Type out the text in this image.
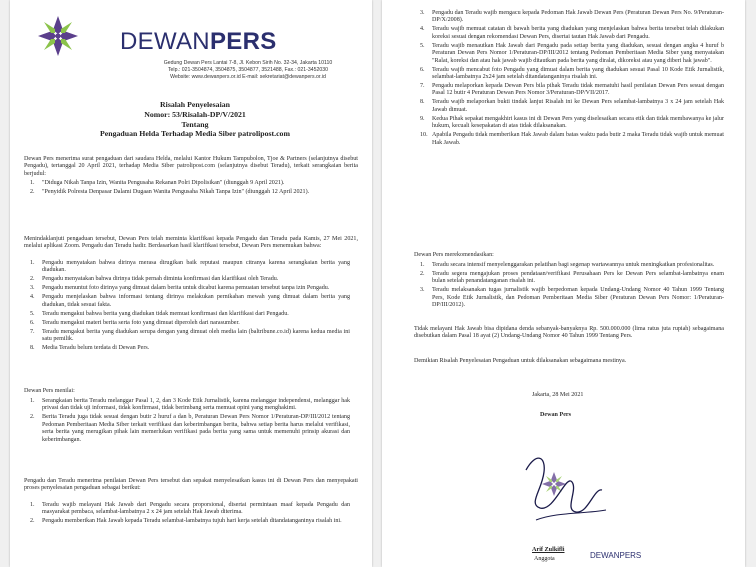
DEWANPERS
Gedung Dewan Pers Lantai 7-8, Jl. Kebon Sirih No. 32-34, Jakarta 10110
Telp.: 021-3504874, 3504875, 3504877, 3521488, Fax.: 021-3452030
Website: www.dewanpers.or.id E-mail: sekretariat@dewanpers.or.id
Risalah Penyelesaian
Nomor: 53/Risalah-DP/V/2021
Tentang
Pengaduan Helda Terhadap Media Siber patrolipost.com
Dewan Pers menerima surat pengaduan dari saudara Helda, melalui Kantor Hukum Tampubolon, Tjoe & Partners (selanjutnya disebut Pengadu), tertanggal 20 April 2021, terhadap Media Siber patrolipost.com (selanjutnya disebut Teradu), terkait serangkaian berita berjudul:
1. "Diduga Nikah Tanpa Izin, Wanita Pengusaha Rekanan Polri Dipolisikan" (diunggah 9 April 2021).
2. "Penyidik Polresta Denpasar Dalami Dugaan Wanita Pengusaha Nikah Tanpa Izin" (diunggah 12 April 2021).
Menindaklanjuti pengaduan tersebut, Dewan Pers telah meminta klarifikasi kepada Pengadu dan Teradu pada Kamis, 27 Mei 2021, melalui aplikasi Zoom. Pengadu dan Teradu hadir. Berdasarkan hasil klarifikasi tersebut, Dewan Pers menemukan bahwa:
1. Pengadu menyatakan bahwa dirinya merasa dirugikan baik reputasi maupun citranya karena serangkaian berita yang diadukan.
2. Pengadu menyatakan bahwa dirinya tidak pernah diminta konfirmasi dan klarifikasi oleh Teradu.
3. Pengadu menuntut foto dirinya yang dimuat dalam berita untuk dicabut karena pemuatan tersebut tanpa izin Pengadu.
4. Pengadu menjelaskan bahwa informasi tentang dirinya melakukan pernikahan mewah yang dimuat dalam berita yang diadukan, tidak sesuai fakta.
5. Teradu mengakui bahwa berita yang diadukan tidak memuat konfirmasi dan klarifikasi dari Pengadu.
6. Teradu mengakui materi berita serta foto yang dimuat diperoleh dari narasumber.
7. Teradu mengakui berita yang diadukan serupa dengan yang dimuat oleh media lain (baltribune.co.id) karena kedua media ini satu pemilik.
8. Media Teradu belum terdata di Dewan Pers.
Dewan Pers menilai:
1. Serangkaian berita Teradu melanggar Pasal 1, 2, dan 3 Kode Etik Jurnalistik, karena melanggar independensi, melanggar hak privasi dan tidak uji informasi, tidak konfirmasi, tidak berimbang serta memuat opini yang menghakimi.
2. Berita Teradu juga tidak sesuai dengan butir 2 huruf a dan b, Peraturan Dewan Pers Nomor 1/Peraturan-DP/III/2012 tentang Pedoman Pemberitaan Media Siber terkait verifikasi dan keberimbangan berita, bahwa setiap berita harus melalui verifikasi, serta berita yang merugikan pihak lain memerlukan verifikasi pada berita yang sama untuk memenuhi prinsip akurasi dan keberimbangan.
Pengadu dan Teradu menerima penilaian Dewan Pers tersebut dan sepakat menyelesaikan kasus ini di Dewan Pers dan menyepakati proses penyelesaian pengaduan sebagai berikut:
1. Teradu wajib melayani Hak Jawab dari Pengadu secara proporsional, disertai permintaan maaf kepada Pengadu dan masyarakat pembaca, selambat-lambatnya 2 x 24 jam setelah Hak Jawab diterima.
2. Pengadu memberikan Hak Jawab kepada Teradu selambat-lambatnya tujuh hari kerja setelah ditandatanganinya risalah ini.
3. Pengadu dan Teradu wajib mengacu kepada Pedoman Hak Jawab Dewan Pers (Peraturan Dewan Pers No. 9/Peraturan-DP/X/2008).
4. Teradu wajib memuat catatan di bawah berita yang diadukan yang menjelaskan bahwa berita tersebut telah dilakukan koreksi sesuai dengan rekomendasi Dewan Pers, disertai tautan Hak Jawab dari Pengadu.
5. Teradu wajib menautkan Hak Jawab dari Pengadu pada setiap berita yang diadukan, sesuai dengan angka 4 huruf b Peraturan Dewan Pers Nomor 1/Peraturan-DP/III/2012 tentang Pedoman Pemberitaan Media Siber yang menyatakan "Ralat, koreksi dan atau hak jawab wajib ditautkan pada berita yang diralat, dikoreksi atau yang diberi hak jawab".
6. Teradu wajib mencabut foto Pengadu yang dimuat dalam berita yang diadukan sesuai Pasal 10 Kode Etik Jurnalistik, selambat-lambatnya 2x24 jam setelah ditandatanganinya risalah ini.
7. Pengadu melaporkan kepada Dewan Pers bila pihak Teradu tidak mematuhi hasil penilaian Dewan Pers sesuai dengan Pasal 12 butir 4 Peraturan Dewan Pers Nomor 3/Peraturan-DP/VII/2017.
8. Teradu wajib melaporkan bukti tindak lanjut Risalah ini ke Dewan Pers selambat-lambatnya 3 x 24 jam setelah Hak Jawab dimuat.
9. Kedua Pihak sepakat mengakhiri kasus ini di Dewan Pers yang diselesaikan secara etik dan tidak membawanya ke jalur hukum, kecuali kesepakatan di atas tidak dilaksanakan.
10. Apabila Pengadu tidak memberikan Hak Jawab dalam batas waktu pada butir 2 maka Teradu tidak wajib untuk memuat Hak Jawab.
Dewan Pers merekomendasikan:
1. Teradu secara intensif menyelenggarakan pelatihan bagi segenap wartawannya untuk meningkatkan profesionalitas.
2. Teradu segera mengajukan proses pendataan/verifikasi Perusahaan Pers ke Dewan Pers selambat-lambatnya enam bulan setelah penandatanganan risalah ini.
3. Teradu melaksanakan tugas jurnalistik wajib berpedoman kepada Undang-Undang Nomor 40 Tahun 1999 Tentang Pers, Kode Etik Jurnalistik, dan Pedoman Pemberitaan Media Siber (Peraturan Dewan Pers Nomor: 1/Peraturan-DP/III/2012).
Tidak melayani Hak Jawab bisa dipidana denda sebanyak-banyaknya Rp. 500.000.000 (lima ratus juta rupiah) sebagaimana disebutkan dalam Pasal 18 ayat (2) Undang-Undang Nomor 40 Tahun 1999 Tentang Pers.
Demikian Risalah Penyelesaian Pengaduan untuk dilaksanakan sebagaimana mestinya.
Jakarta, 28 Mei 2021
Dewan Pers
DEWANPERS
Arif Zulkifli
Anggota
